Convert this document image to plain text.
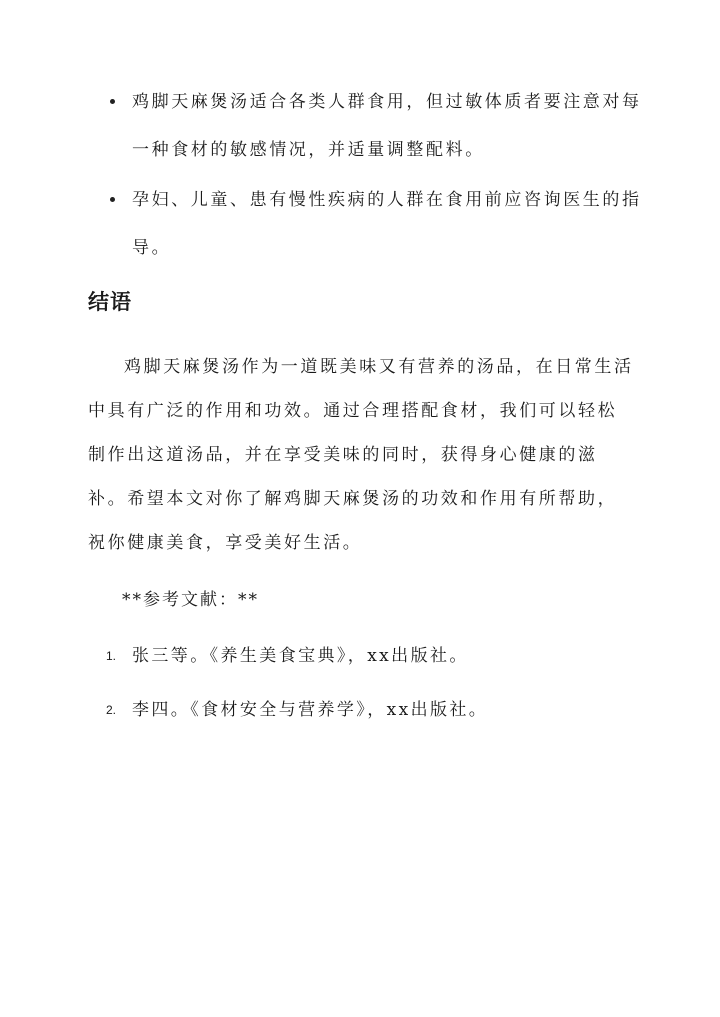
鸡脚天麻煲汤适合各类人群食用，但过敏体质者要注意对每一种食材的敏感情况，并适量调整配料。
孕妇、儿童、患有慢性疾病的人群在食用前应咨询医生的指导。
结语

鸡脚天麻煲汤作为一道既美味又有营养的汤品，在日常生活中具有广泛的作用和功效。通过合理搭配食材，我们可以轻松制作出这道汤品，并在享受美味的同时，获得身心健康的滋补。希望本文对你了解鸡脚天麻煲汤的功效和作用有所帮助，祝你健康美食，享受美好生活。

**参考文献：**

1. 张三等。《养生美食宝典》，xx出版社。
2. 李四。《食材安全与营养学》，xx出版社。
